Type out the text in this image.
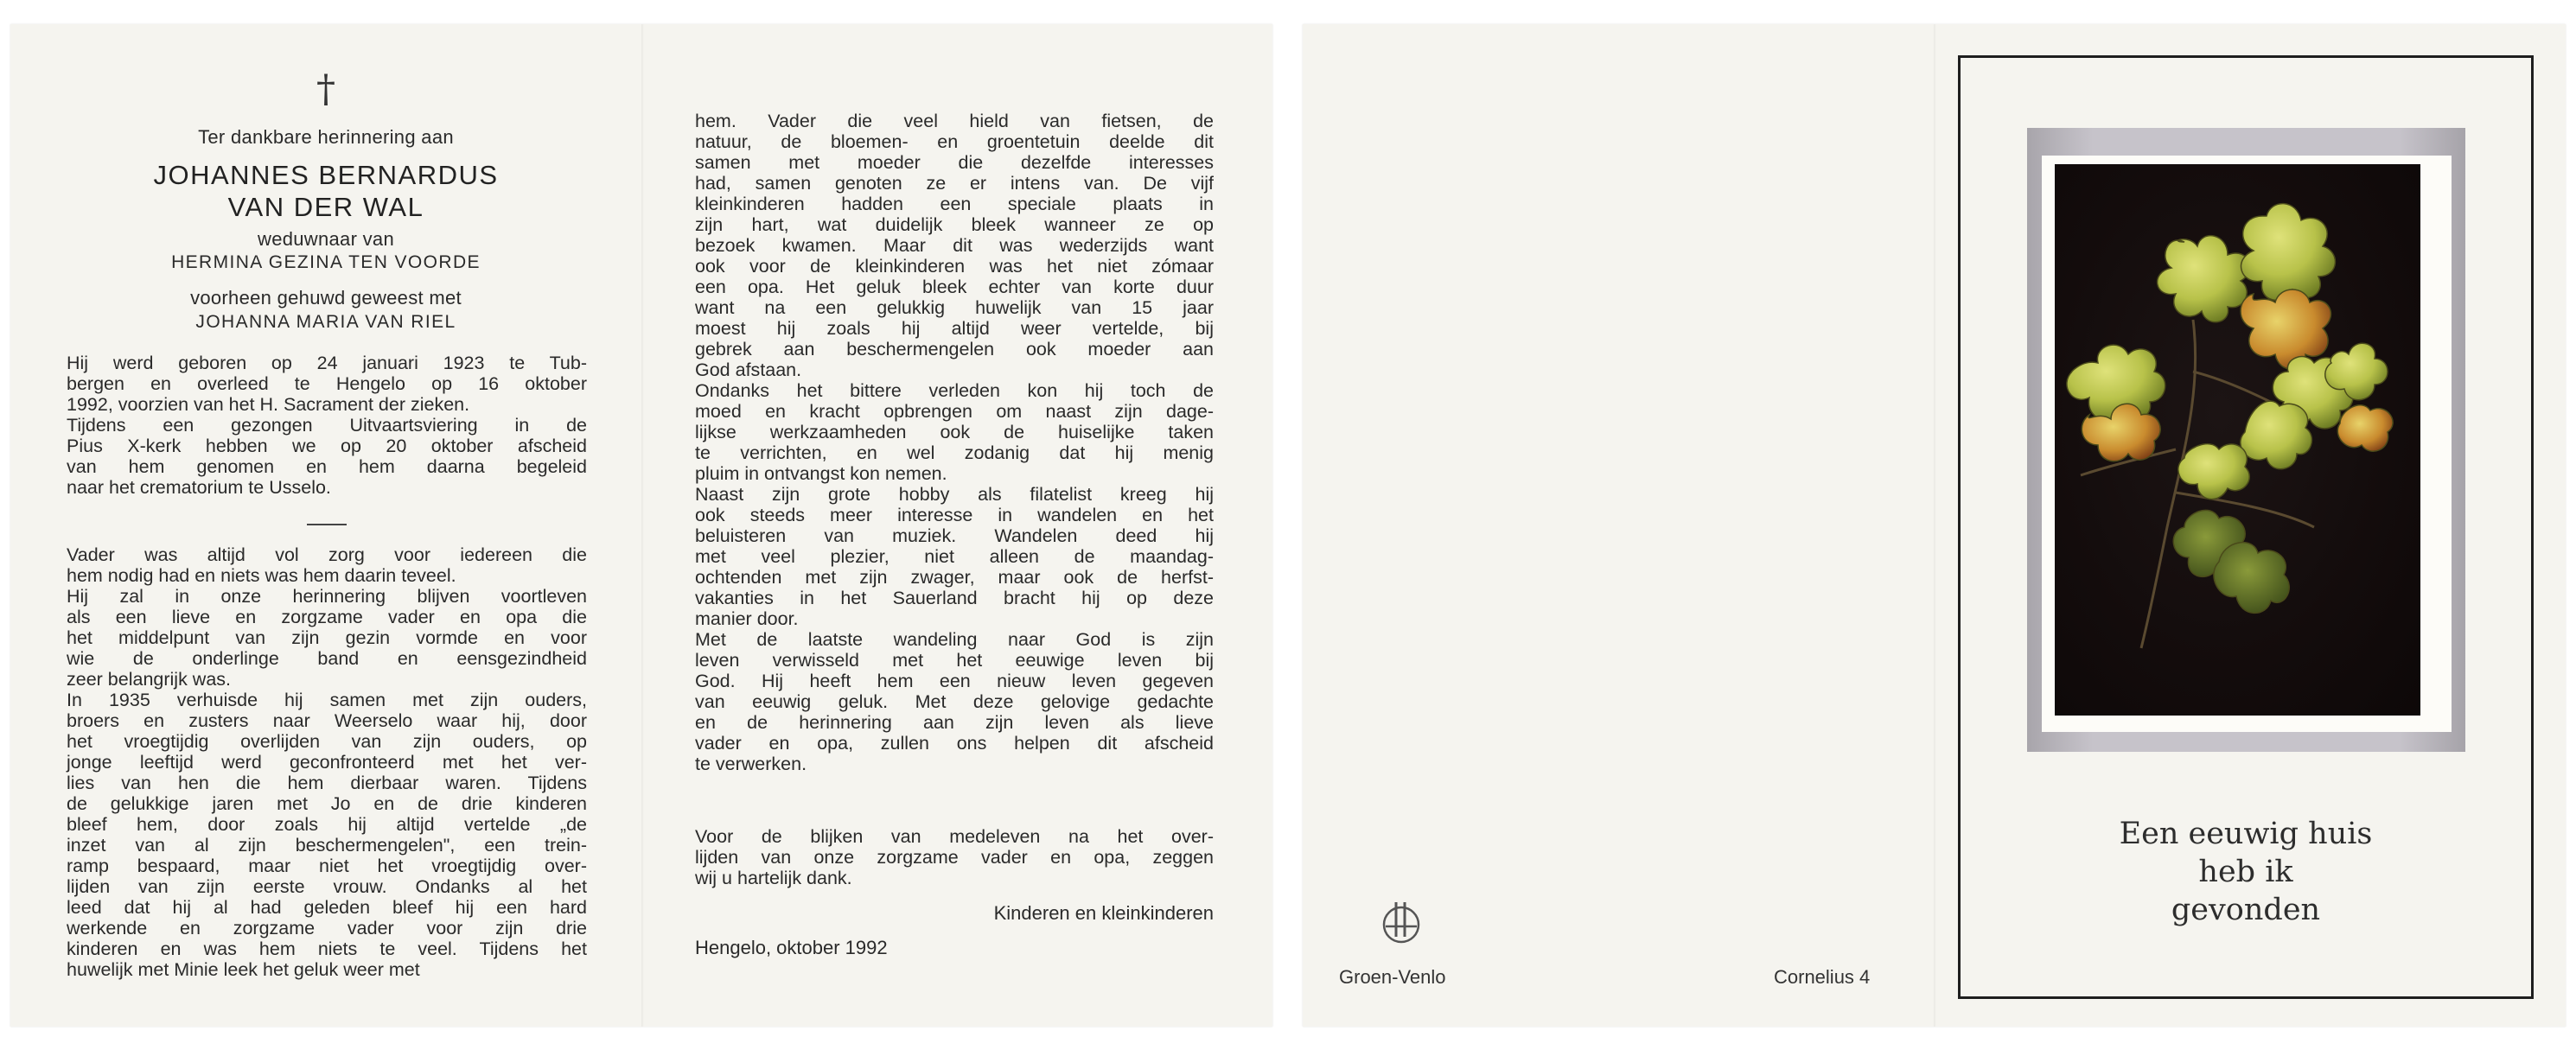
†
Ter dankbare herinnering aan
JOHANNES BERNARDUS
VAN DER WAL
weduwnaar van
HERMINA GEZINA TEN VOORDE
voorheen gehuwd geweest met
JOHANNA MARIA VAN RIEL
Hij werd geboren op 24 januari 1923 te Tub-
bergen en overleed te Hengelo op 16 oktober
1992, voorzien van het H. Sacrament der zieken.
Tijdens een gezongen Uitvaartsviering in de
Pius X-kerk hebben we op 20 oktober afscheid
van hem genomen en hem daarna begeleid
naar het crematorium te Usselo.
Vader was altijd vol zorg voor iedereen die
hem nodig had en niets was hem daarin teveel.
Hij zal in onze herinnering blijven voortleven
als een lieve en zorgzame vader en opa die
het middelpunt van zijn gezin vormde en voor
wie de onderlinge band en eensgezindheid
zeer belangrijk was.
In 1935 verhuisde hij samen met zijn ouders,
broers en zusters naar Weerselo waar hij, door
het vroegtijdig overlijden van zijn ouders, op
jonge leeftijd werd geconfronteerd met het ver-
lies van hen die hem dierbaar waren. Tijdens
de gelukkige jaren met Jo en de drie kinderen
bleef hem, door zoals hij altijd vertelde „de
inzet van al zijn beschermengelen", een trein-
ramp bespaard, maar niet het vroegtijdig over-
lijden van zijn eerste vrouw. Ondanks al het
leed dat hij al had geleden bleef hij een hard
werkende en zorgzame vader voor zijn drie
kinderen en was hem niets te veel. Tijdens het
huwelijk met Minie leek het geluk weer met
hem. Vader die veel hield van fietsen, de
natuur, de bloemen- en groentetuin deelde dit
samen met moeder die dezelfde interesses
had, samen genoten ze er intens van. De vijf
kleinkinderen hadden een speciale plaats in
zijn hart, wat duidelijk bleek wanneer ze op
bezoek kwamen. Maar dit was wederzijds want
ook voor de kleinkinderen was het niet zómaar
een opa. Het geluk bleek echter van korte duur
want na een gelukkig huwelijk van 15 jaar
moest hij zoals hij altijd weer vertelde, bij
gebrek aan beschermengelen ook moeder aan
God afstaan.
Ondanks het bittere verleden kon hij toch de
moed en kracht opbrengen om naast zijn dage-
lijkse werkzaamheden ook de huiselijke taken
te verrichten, en wel zodanig dat hij menig
pluim in ontvangst kon nemen.
Naast zijn grote hobby als filatelist kreeg hij
ook steeds meer interesse in wandelen en het
beluisteren van muziek. Wandelen deed hij
met veel plezier, niet alleen de maandag-
ochtenden met zijn zwager, maar ook de herfst-
vakanties in het Sauerland bracht hij op deze
manier door.
Met de laatste wandeling naar God is zijn
leven verwisseld met het eeuwige leven bij
God. Hij heeft hem een nieuw leven gegeven
van eeuwig geluk. Met deze gelovige gedachte
en de herinnering aan zijn leven als lieve
vader en opa, zullen ons helpen dit afscheid
te verwerken.
Voor de blijken van medeleven na het over-
lijden van onze zorgzame vader en opa, zeggen
wij u hartelijk dank.
Kinderen en kleinkinderen
Hengelo, oktober 1992
Groen-Venlo	Cornelius 4
Een eeuwig huis
heb ik
gevonden
